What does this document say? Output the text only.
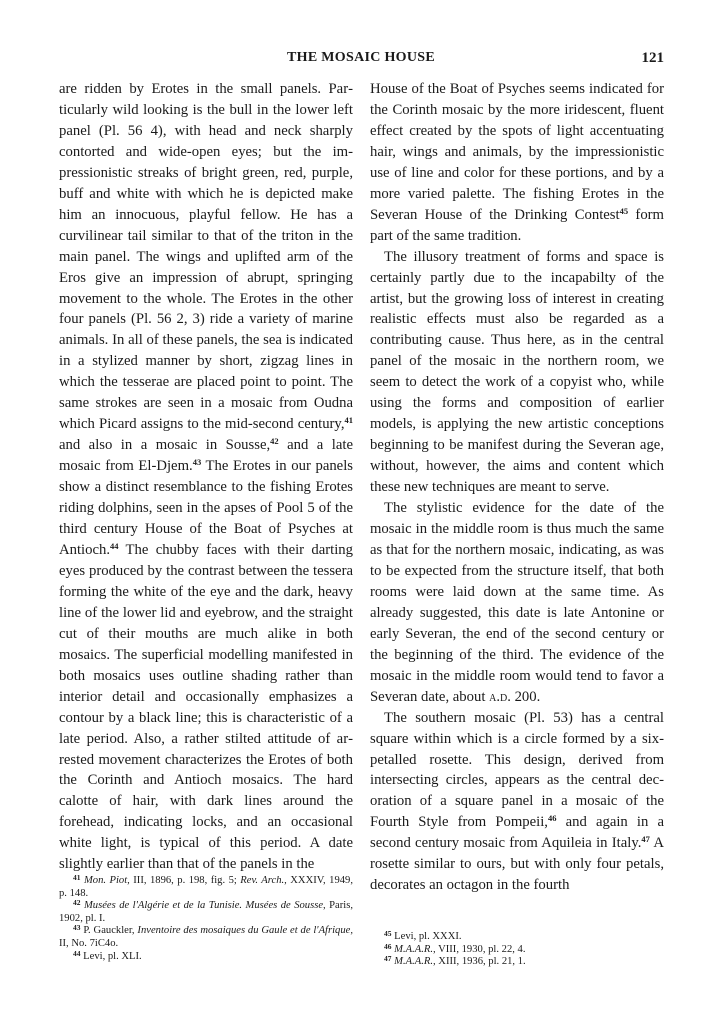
THE MOSAIC HOUSE	121

are ridden by Erotes in the small panels. Particularly wild looking is the bull in the lower left panel (Pl. 56 4), with head and neck sharply contorted and wide-open eyes; but the impressionistic streaks of bright green, red, purple, buff and white with which he is depicted make him an innocuous, playful fellow. He has a curvilinear tail similar to that of the triton in the main panel. The wings and uplifted arm of the Eros give an impression of abrupt, springing movement to the whole. The Erotes in the other four panels (Pl. 56 2, 3) ride a variety of marine animals. In all of these panels, the sea is indicated in a stylized manner by short, zigzag lines in which the tesserae are placed point to point. The same strokes are seen in a mosaic from Oudna which Picard assigns to the mid-second century,$^{41}$ and also in a mosaic in Sousse,$^{42}$ and a late mosaic from El-Djem.$^{43}$ The Erotes in our panels show a distinct resemblance to the fishing Erotes riding dolphins, seen in the apses of Pool 5 of the third century House of the Boat of Psyches at Antioch.$^{44}$ The chubby faces with their darting eyes produced by the contrast between the tessera forming the white of the eye and the dark, heavy line of the lower lid and eyebrow, and the straight cut of their mouths are much alike in both mosaics. The superficial modelling manifested in both mosaics uses outline shading rather than interior detail and occasionally emphasizes a contour by a black line; this is characteristic of a late period. Also, a rather stilted attitude of arrested movement characterizes the Erotes of both the Corinth and Antioch mosaics. The hard calotte of hair, with dark lines around the forehead, indicating locks, and an occasional white light, is typical of this period. A date slightly earlier than that of the panels in the

House of the Boat of Psyches seems indicated for the Corinth mosaic by the more iridescent, fluent effect created by the spots of light accentuating hair, wings and animals, by the impressionistic use of line and color for these portions, and by a more varied palette. The fishing Erotes in the Severan House of the Drinking Contest$^{45}$ form part of the same tradition.

The illusory treatment of forms and space is certainly partly due to the incapabilty of the artist, but the growing loss of interest in creating realistic effects must also be regarded as a contributing cause. Thus here, as in the central panel of the mosaic in the northern room, we seem to detect the work of a copyist who, while using the forms and composition of earlier models, is applying the new artistic conceptions beginning to be manifest during the Severan age, without, however, the aims and content which these new techniques are meant to serve.

The stylistic evidence for the date of the mosaic in the middle room is thus much the same as that for the northern mosaic, indicating, as was to be expected from the structure itself, that both rooms were laid down at the same time. As already suggested, this date is late Antonine or early Severan, the end of the second century or the beginning of the third. The evidence of the mosaic in the middle room would tend to favor a Severan date, about a.d. 200.

The southern mosaic (Pl. 53) has a central square within which is a circle formed by a six-petalled rosette. This design, derived from intersecting circles, appears as the central decoration of a square panel in a mosaic of the Fourth Style from Pompeii,$^{46}$ and again in a second century mosaic from Aquileia in Italy.$^{47}$ A rosette similar to ours, but with only four petals, decorates an octagon in the fourth

$^{41}$ Mon. Piot, III, 1896, p. 198, fig. 5; Rev. Arch., XXXIV, 1949, p. 148.

$^{42}$ Musées de l'Algérie et de la Tunisie. Musées de Sousse, Paris, 1902, pl. I.

$^{43}$ P. Gauckler, Inventoire des mosaiques du Gaule et de l'Afrique, II, No. 7iC4o.

$^{44}$ Levi, pl. XLI.

$^{45}$ Levi, pl. XXXI.

$^{46}$ M.A.A.R., VIII, 1930, pl. 22, 4.

$^{47}$ M.A.A.R., XIII, 1936, pl. 21, 1.
